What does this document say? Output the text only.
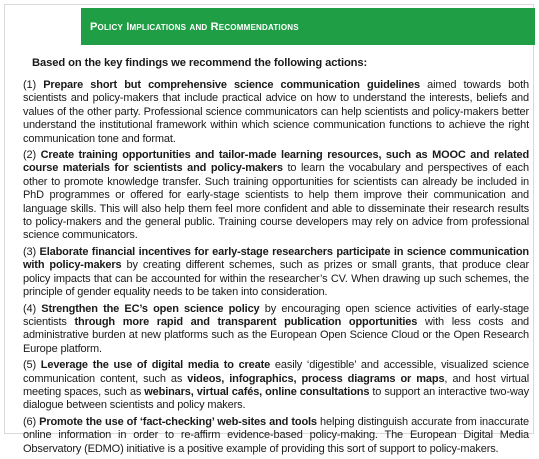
Policy Implications and Recommendations

Based on the key findings we recommend the following actions:

(1) Prepare short but comprehensive science communication guidelines aimed towards both scientists and policy-makers that include practical advice on how to understand the interests, beliefs and values of the other party. Professional science communicators can help scientists and policy-makers better understand the institutional framework within which science communication functions to achieve the right communication tone and format.

(2) Create training opportunities and tailor-made learning resources, such as MOOC and related course materials for scientists and policy-makers to learn the vocabulary and perspectives of each other to promote knowledge transfer. Such training opportunities for scientists can already be included in PhD programmes or offered for early-stage scientists to help them improve their communication and language skills. This will also help them feel more confident and able to disseminate their research results to policy-makers and the general public. Training course developers may rely on advice from professional science communicators.

(3) Elaborate financial incentives for early-stage researchers participate in science communication with policy-makers by creating different schemes, such as prizes or small grants, that produce clear policy impacts that can be accounted for within the researcher’s CV. When drawing up such schemes, the principle of gender equality needs to be taken into consideration.

(4) Strengthen the EC’s open science policy by encouraging open science activities of early-stage scientists through more rapid and transparent publication opportunities with less costs and administrative burden at new platforms such as the European Open Science Cloud or the Open Research Europe platform.

(5) Leverage the use of digital media to create easily ‘digestible’ and accessible, visualized science communication content, such as videos, infographics, process diagrams or maps, and host virtual meeting spaces, such as webinars, virtual cafés, online consultations to support an interactive two-way dialogue between scientists and policy makers.

(6) Promote the use of ‘fact-checking’ web-sites and tools helping distinguish accurate from inaccurate online information in order to re-affirm evidence-based policy-making. The European Digital Media Observatory (EDMO) initiative is a positive example of providing this sort of support to policy-makers.
